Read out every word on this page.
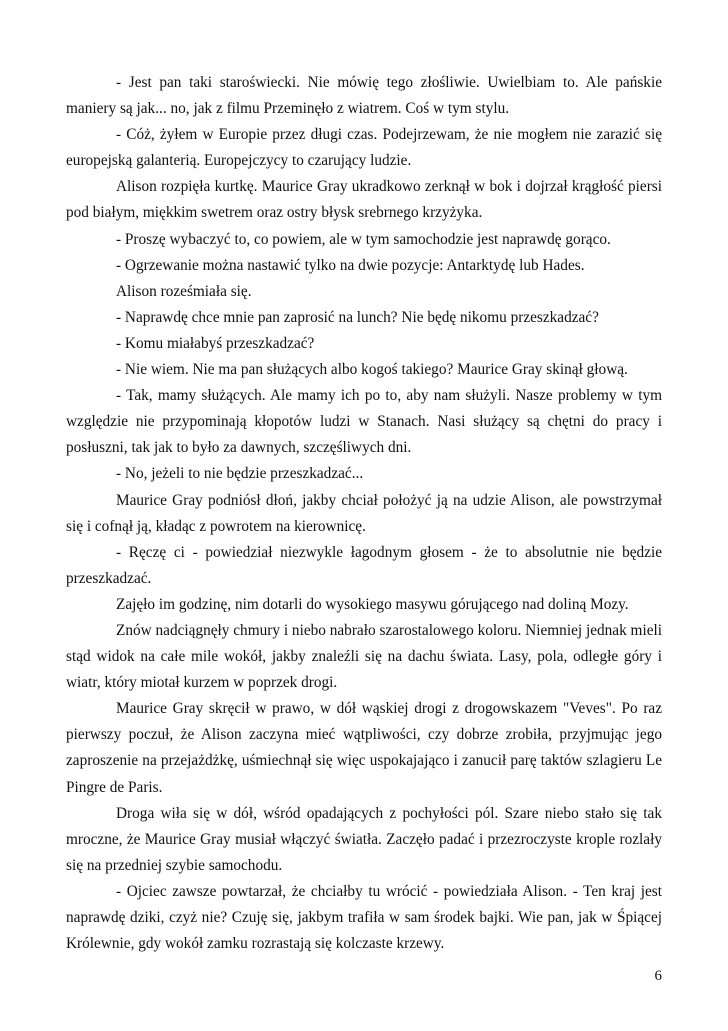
- Jest pan taki staroświecki. Nie mówię tego złośliwie. Uwielbiam to. Ale pańskie maniery są jak... no, jak z filmu Przeminęło z wiatrem. Coś w tym stylu.

- Cóż, żyłem w Europie przez długi czas. Podejrzewam, że nie mogłem nie zarazić się europejską galanterią. Europejczycy to czarujący ludzie.

Alison rozpięła kurtkę. Maurice Gray ukradkowo zerknął w bok i dojrzał krągłość piersi pod białym, miękkim swetrem oraz ostry błysk srebrnego krzyżyka.

- Proszę wybaczyć to, co powiem, ale w tym samochodzie jest naprawdę gorąco.

- Ogrzewanie można nastawić tylko na dwie pozycje: Antarktydę lub Hades.

Alison roześmiała się.

- Naprawdę chce mnie pan zaprosić na lunch? Nie będę nikomu przeszkadzać?

- Komu miałabyś przeszkadzać?

- Nie wiem. Nie ma pan służących albo kogoś takiego? Maurice Gray skinął głową.

- Tak, mamy służących. Ale mamy ich po to, aby nam służyli. Nasze problemy w tym względzie nie przypominają kłopotów ludzi w Stanach. Nasi służący są chętni do pracy i posłuszni, tak jak to było za dawnych, szczęśliwych dni.

- No, jeżeli to nie będzie przeszkadzać...

Maurice Gray podniósł dłoń, jakby chciał położyć ją na udzie Alison, ale powstrzymał się i cofnął ją, kładąc z powrotem na kierownicę.

- Ręczę ci - powiedział niezwykle łagodnym głosem - że to absolutnie nie będzie przeszkadzać.

Zajęło im godzinę, nim dotarli do wysokiego masywu górującego nad doliną Mozy.

Znów nadciągnęły chmury i niebo nabrało szarostalowego koloru. Niemniej jednak mieli stąd widok na całe mile wokół, jakby znaleźli się na dachu świata. Lasy, pola, odległe góry i wiatr, który miotał kurzem w poprzek drogi.

Maurice Gray skręcił w prawo, w dół wąskiej drogi z drogowskazem "Veves". Po raz pierwszy poczuł, że Alison zaczyna mieć wątpliwości, czy dobrze zrobiła, przyjmując jego zaproszenie na przejażdżkę, uśmiechnął się więc uspokajająco i zanucił parę taktów szlagieru Le Pingre de Paris.

Droga wiła się w dół, wśród opadających z pochyłości pól. Szare niebo stało się tak mroczne, że Maurice Gray musiał włączyć światła. Zaczęło padać i przezroczyste krople rozlały się na przedniej szybie samochodu.

- Ojciec zawsze powtarzał, że chciałby tu wrócić - powiedziała Alison. - Ten kraj jest naprawdę dziki, czyż nie? Czuję się, jakbym trafiła w sam środek bajki. Wie pan, jak w Śpiącej Królewnie, gdy wokół zamku rozrastają się kolczaste krzewy.

6
